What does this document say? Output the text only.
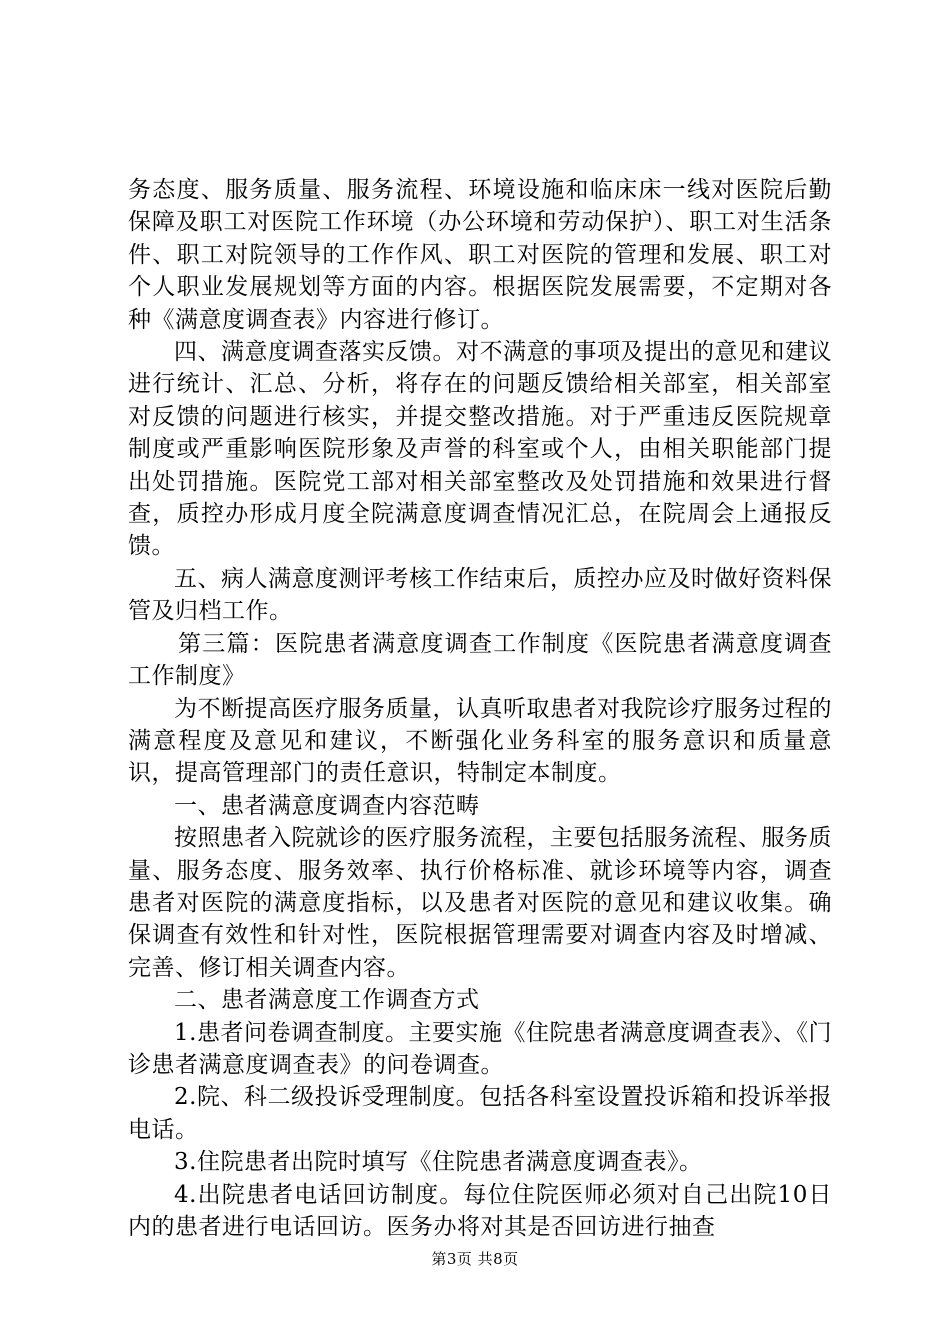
务态度、服务质量、服务流程、环境设施和临床床一线对医院后勤保障及职工对医院工作环境（办公环境和劳动保护）、职工对生活条件、职工对院领导的工作作风、职工对医院的管理和发展、职工对个人职业发展规划等方面的内容。根据医院发展需要，不定期对各种《满意度调查表》内容进行修订。

四、满意度调查落实反馈。对不满意的事项及提出的意见和建议进行统计、汇总、分析，将存在的问题反馈给相关部室，相关部室对反馈的问题进行核实，并提交整改措施。对于严重违反医院规章制度或严重影响医院形象及声誉的科室或个人，由相关职能部门提出处罚措施。医院党工部对相关部室整改及处罚措施和效果进行督查，质控办形成月度全院满意度调查情况汇总，在院周会上通报反馈。

五、病人满意度测评考核工作结束后，质控办应及时做好资料保管及归档工作。

第三篇：医院患者满意度调查工作制度《医院患者满意度调查工作制度》

为不断提高医疗服务质量，认真听取患者对我院诊疗服务过程的满意程度及意见和建议，不断强化业务科室的服务意识和质量意识，提高管理部门的责任意识，特制定本制度。

一、患者满意度调查内容范畴

按照患者入院就诊的医疗服务流程，主要包括服务流程、服务质量、服务态度、服务效率、执行价格标准、就诊环境等内容，调查患者对医院的满意度指标，以及患者对医院的意见和建议收集。确保调查有效性和针对性，医院根据管理需要对调查内容及时增减、完善、修订相关调查内容。

二、患者满意度工作调查方式

1.患者问卷调查制度。主要实施《住院患者满意度调查表》、《门诊患者满意度调查表》的问卷调查。

2.院、科二级投诉受理制度。包括各科室设置投诉箱和投诉举报电话。

3.住院患者出院时填写《住院患者满意度调查表》。

4.出院患者电话回访制度。每位住院医师必须对自己出院10日内的患者进行电话回访。医务办将对其是否回访进行抽查

第3页 共8页
